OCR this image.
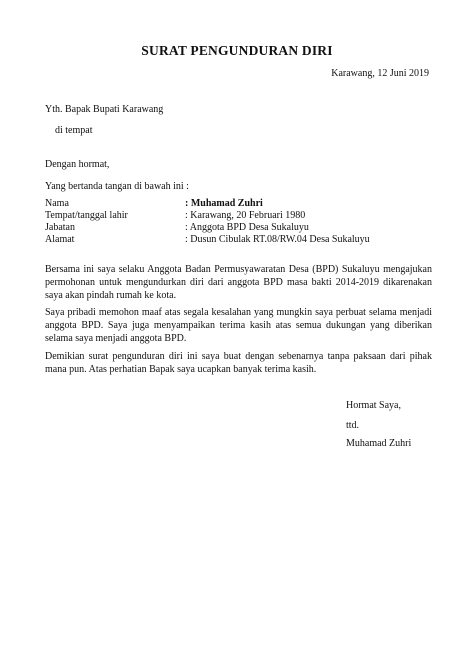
SURAT PENGUNDURAN DIRI
Karawang, 12 Juni 2019
Yth. Bapak Bupati Karawang
di tempat
Dengan hormat,
Yang bertanda tangan di bawah ini :
Nama	: Muhamad Zuhri
Tempat/tanggal lahir	: Karawang, 20 Februari 1980
Jabatan	: Anggota BPD Desa Sukaluyu
Alamat	: Dusun Cibulak RT.08/RW.04 Desa Sukaluyu
Bersama ini saya selaku Anggota Badan Permusyawaratan Desa (BPD) Sukaluyu mengajukan permohonan untuk mengundurkan diri dari anggota BPD masa bakti 2014-2019 dikarenakan saya akan pindah rumah ke kota.
Saya pribadi memohon maaf atas segala kesalahan yang mungkin saya perbuat selama menjadi anggota BPD. Saya juga menyampaikan terima kasih atas semua dukungan yang diberikan selama saya menjadi anggota BPD.
Demikian surat pengunduran diri ini saya buat dengan sebenarnya tanpa paksaan dari pihak mana pun. Atas perhatian Bapak saya ucapkan banyak terima kasih.
Hormat Saya,
ttd.
Muhamad Zuhri
